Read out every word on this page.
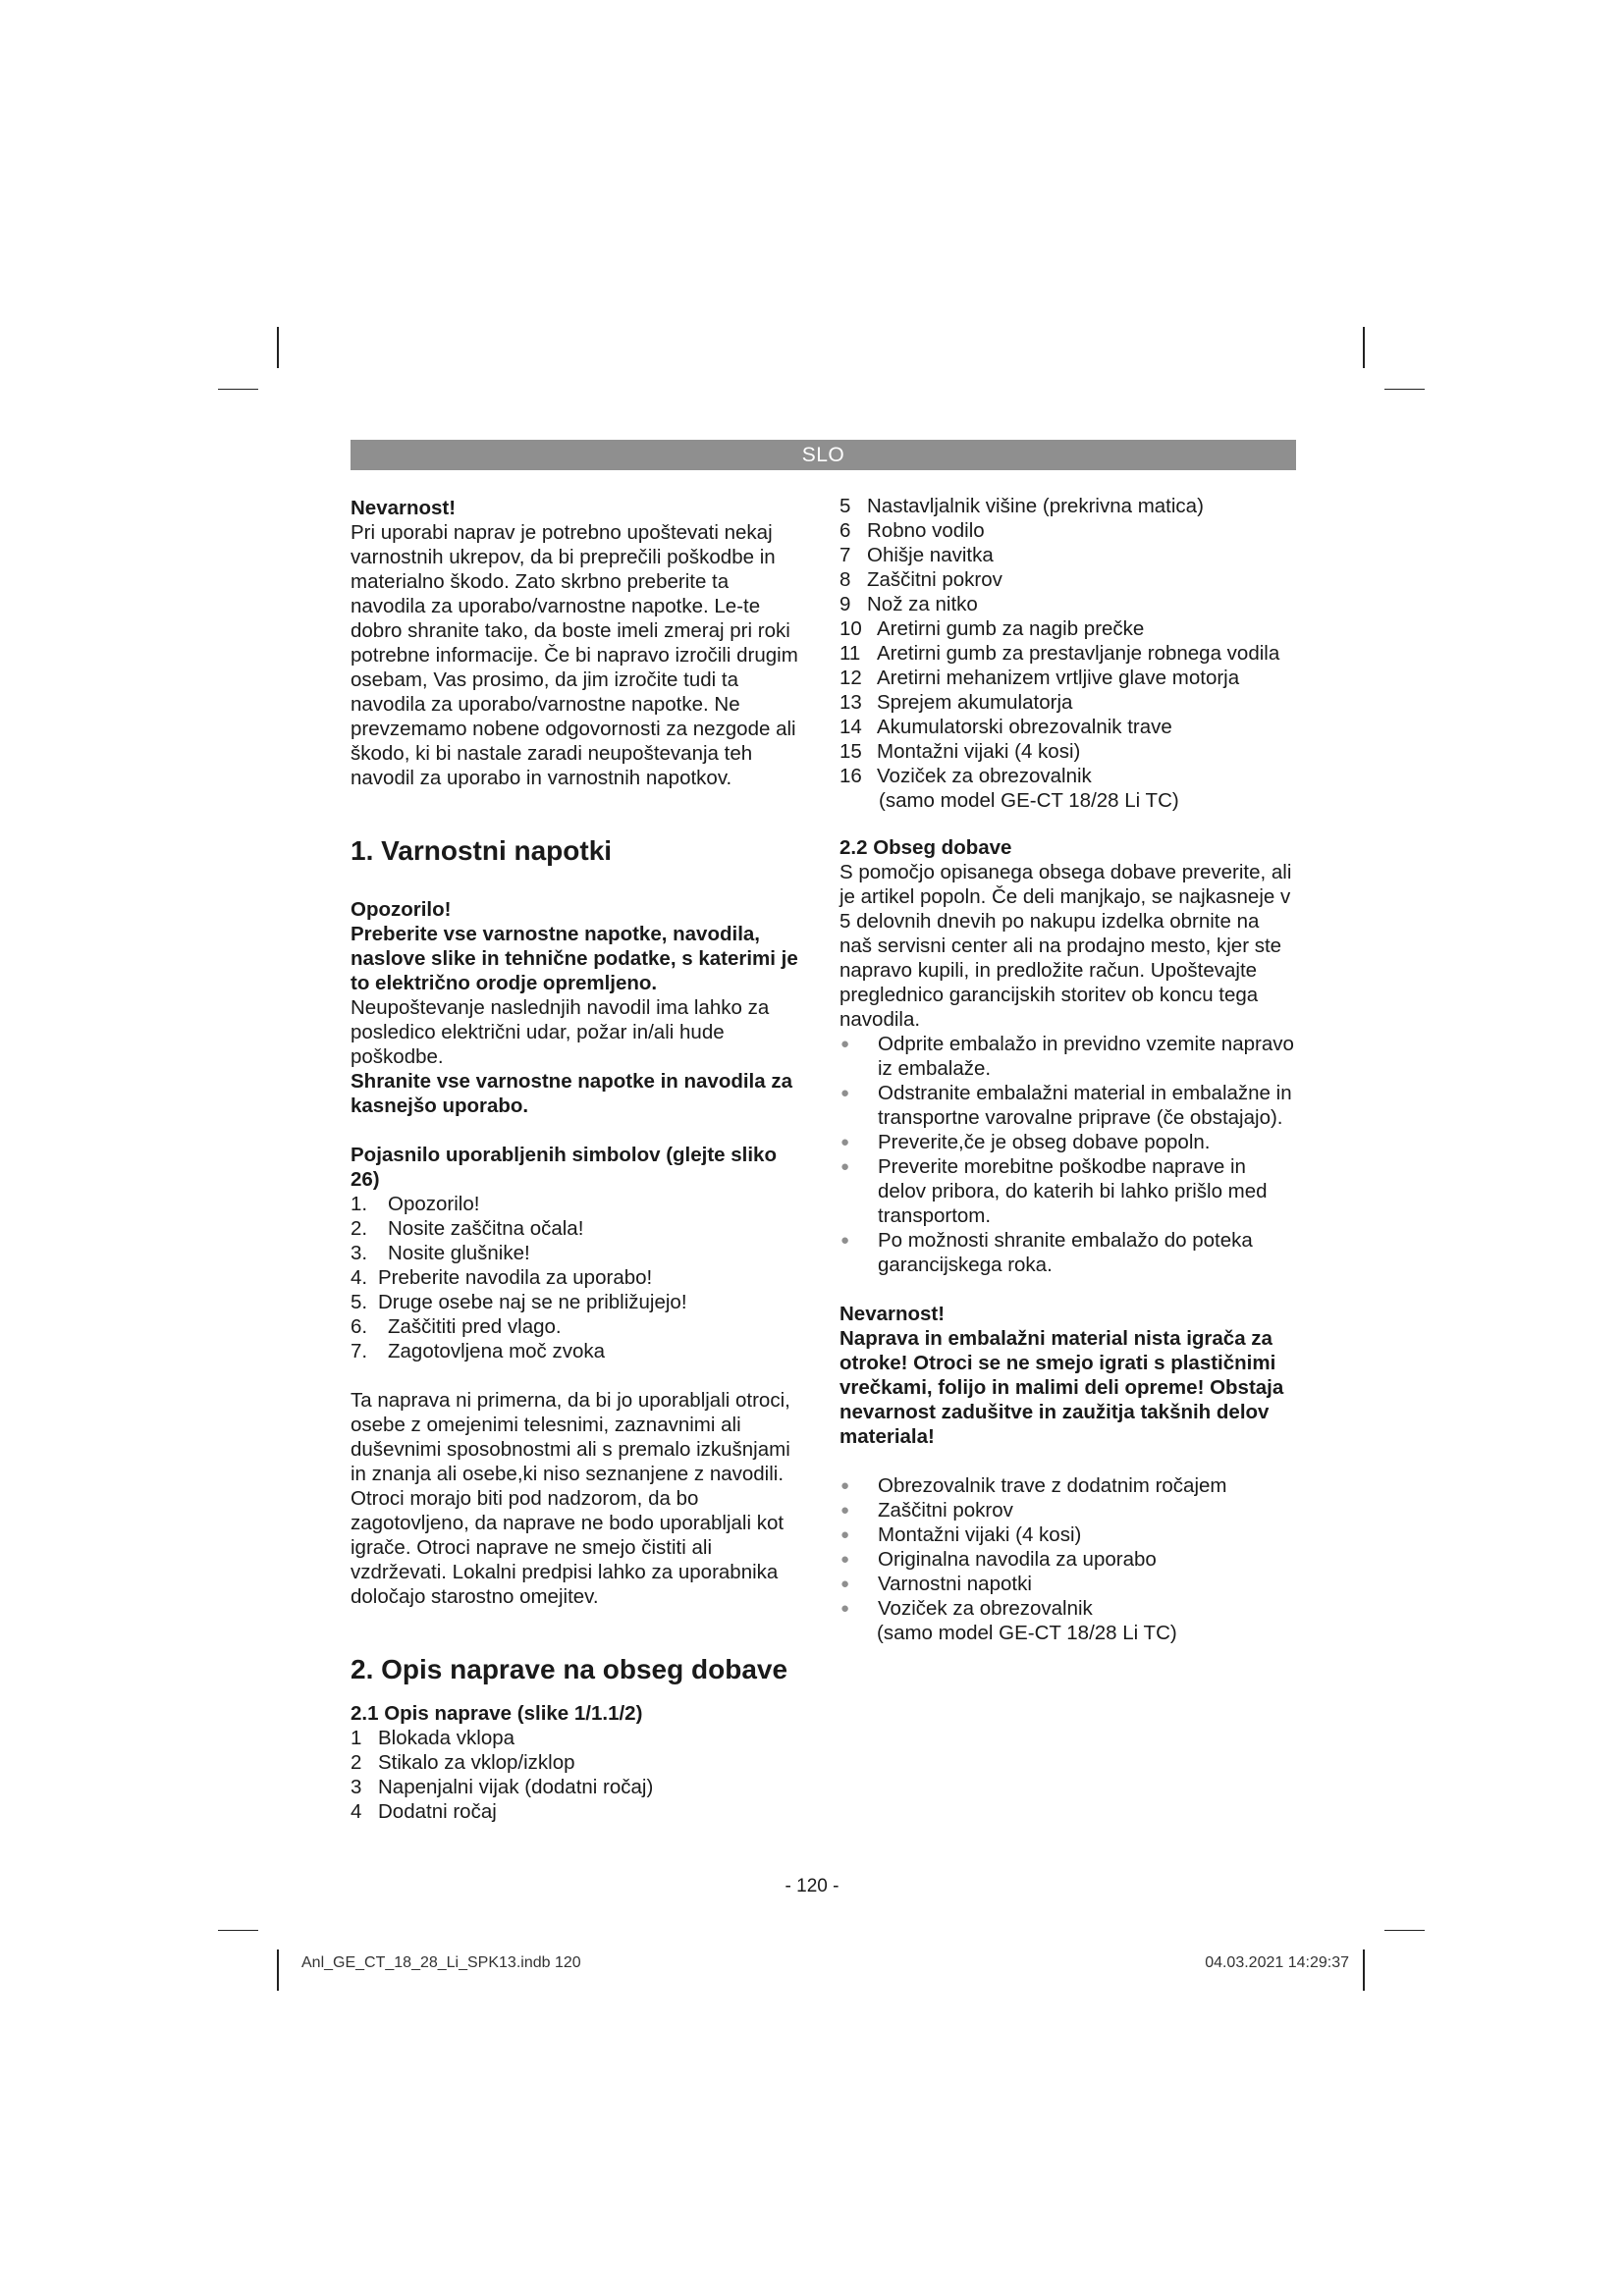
SLO

Nevarnost!

Pri uporabi naprav je potrebno upoštevati nekaj varnostnih ukrepov, da bi preprečili poškodbe in materialno škodo. Zato skrbno preberite ta navodila za uporabo/varnostne napotke. Le-te dobro shranite tako, da boste imeli zmeraj pri roki potrebne informacije. Če bi napravo izročili drugim osebam, Vas prosimo, da jim izročite tudi ta navodila za uporabo/varnostne napotke. Ne prevzemamo nobene odgovornosti za nezgode ali škodo, ki bi nastale zaradi neupoštevanja teh navodil za uporabo in varnostnih napotkov.

1. Varnostni napotki

Opozorilo!

Preberite vse varnostne napotke, navodila, naslove slike in tehnične podatke, s katerimi je to električno orodje opremljeno.

Neupoštevanje naslednjih navodil ima lahko za posledico električni udar, požar in/ali hude poškodbe.

Shranite vse varnostne napotke in navodila za kasnejšo uporabo.

Pojasnilo uporabljenih simbolov (glejte sliko 26)

1.	Opozorilo!
2.	Nosite zaščitna očala!
3.	Nosite glušnike!
4. Preberite navodila za uporabo!
5. Druge osebe naj se ne približujejo!
6.	Zaščititi pred vlago.
7.	Zagotovljena moč zvoka

Ta naprava ni primerna, da bi jo uporabljali otroci, osebe z omejenimi telesnimi, zaznavnimi ali duševnimi sposobnostmi ali s premalo izkušnjami in znanja ali osebe,ki niso seznanjene z navodili. Otroci morajo biti pod nadzorom, da bo zagotovljeno, da naprave ne bodo uporabljali kot igrače. Otroci naprave ne smejo čistiti ali vzdrževati. Lokalni predpisi lahko za uporabnika določajo starostno omejitev.

2. Opis naprave na obseg dobave

2.1 Opis naprave (slike 1/1.1/2)

1 Blokada vklopa
2 Stikalo za vklop/izklop
3 Napenjalni vijak (dodatni ročaj)
4 Dodatni ročaj
5 Nastavljalnik višine (prekrivna matica)
6 Robno vodilo
7 Ohišje navitka
8 Zaščitni pokrov
9 Nož za nitko
10 Aretirni gumb za nagib prečke
11 Aretirni gumb za prestavljanje robnega vodila
12 Aretirni mehanizem vrtljive glave motorja
13 Sprejem akumulatorja
14 Akumulatorski obrezovalnik trave
15 Montažni vijaki (4 kosi)
16 Voziček za obrezovalnik
(samo model GE-CT 18/28 Li TC)

2.2 Obseg dobave

S pomočjo opisanega obsega dobave preverite, ali je artikel popoln. Če deli manjkajo, se najkasneje v 5 delovnih dnevih po nakupu izdelka obrnite na naš servisni center ali na prodajno mesto, kjer ste napravo kupili, in predložite račun. Upoštevajte preglednico garancijskih storitev ob koncu tega navodila.

●	Odprite embalažo in previdno vzemite napravo iz embalaže.
●	Odstranite embalažni material in embalažne in transportne varovalne priprave (če obstajajo).
●	Preverite,če je obseg dobave popoln.
●	Preverite morebitne poškodbe naprave in delov pribora, do katerih bi lahko prišlo med transportom.
●	Po možnosti shranite embalažo do poteka garancijskega roka.

Nevarnost!

Naprava in embalažni material nista igrača za otroke! Otroci se ne smejo igrati s plastičnimi vrečkami, folijo in malimi deli opreme! Obstaja nevarnost zadušitve in zaužitja takšnih delov materiala!

●	Obrezovalnik trave z dodatnim ročajem
●	Zaščitni pokrov
●	Montažni vijaki (4 kosi)
●	Originalna navodila za uporabo
●	Varnostni napotki
●	Voziček za obrezovalnik
(samo model GE-CT 18/28 Li TC)
- 120 -
Anl_GE_CT_18_28_Li_SPK13.indb 120	04.03.2021 14:29:37
